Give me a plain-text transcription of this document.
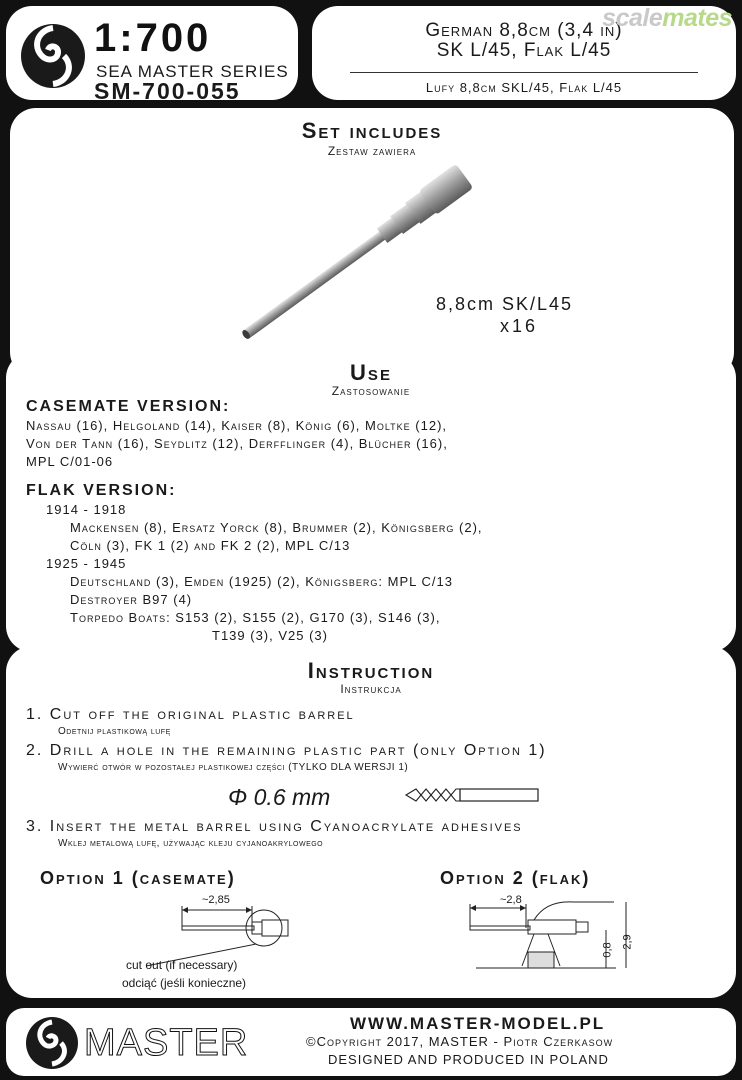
1:700
SEA MASTER SERIES
SM-700-055
German 8,8cm (3,4 in)
SK L/45, Flak L/45
Lufy 8,8cm SKL/45, Flak L/45
scalemates
Set includes
Zestaw zawiera
8,8cm SK/L45
x16
Use
Zastosowanie
CASEMATE VERSION:
Nassau (16), Helgoland (14), Kaiser (8), König (6), Moltke (12),
Von der Tann (16), Seydlitz (12), Derfflinger (4), Blücher (16),
MPL C/01-06
FLAK VERSION:
1914 - 1918
Mackensen (8), Ersatz Yorck (8), Brummer (2), Königsberg (2),
Cöln (3), FK 1 (2) and FK 2 (2), MPL C/13
1925 - 1945
Deutschland (3), Emden (1925) (2), Königsberg: MPL C/13
Destroyer B97 (4)
Torpedo Boats: S153 (2), S155 (2), G170 (3), S146 (3),
T139 (3), V25 (3)
Instruction
Instrukcja
1. Cut off the original plastic barrel
Odetnij plastikową lufę
2. Drill a hole in the remaining plastic part (only Option 1)
Wywierć otwór w pozostałej plastikowej części (TYLKO DLA WERSJI 1)
Φ 0.6 mm
3. Insert the metal barrel using Cyanoacrylate adhesives
Wklej metalową lufę, używając kleju cyjanoakrylowego
Option 1 (casemate)	Option 2 (flak)
~2,85
cut out (if necessary)
odciąć (jeśli konieczne)
~2,8
0,8
2,9
MASTER	WWW.MASTER-MODEL.PL
©Copyright 2017, MASTER - Piotr Czerkasow
DESIGNED AND PRODUCED IN POLAND
